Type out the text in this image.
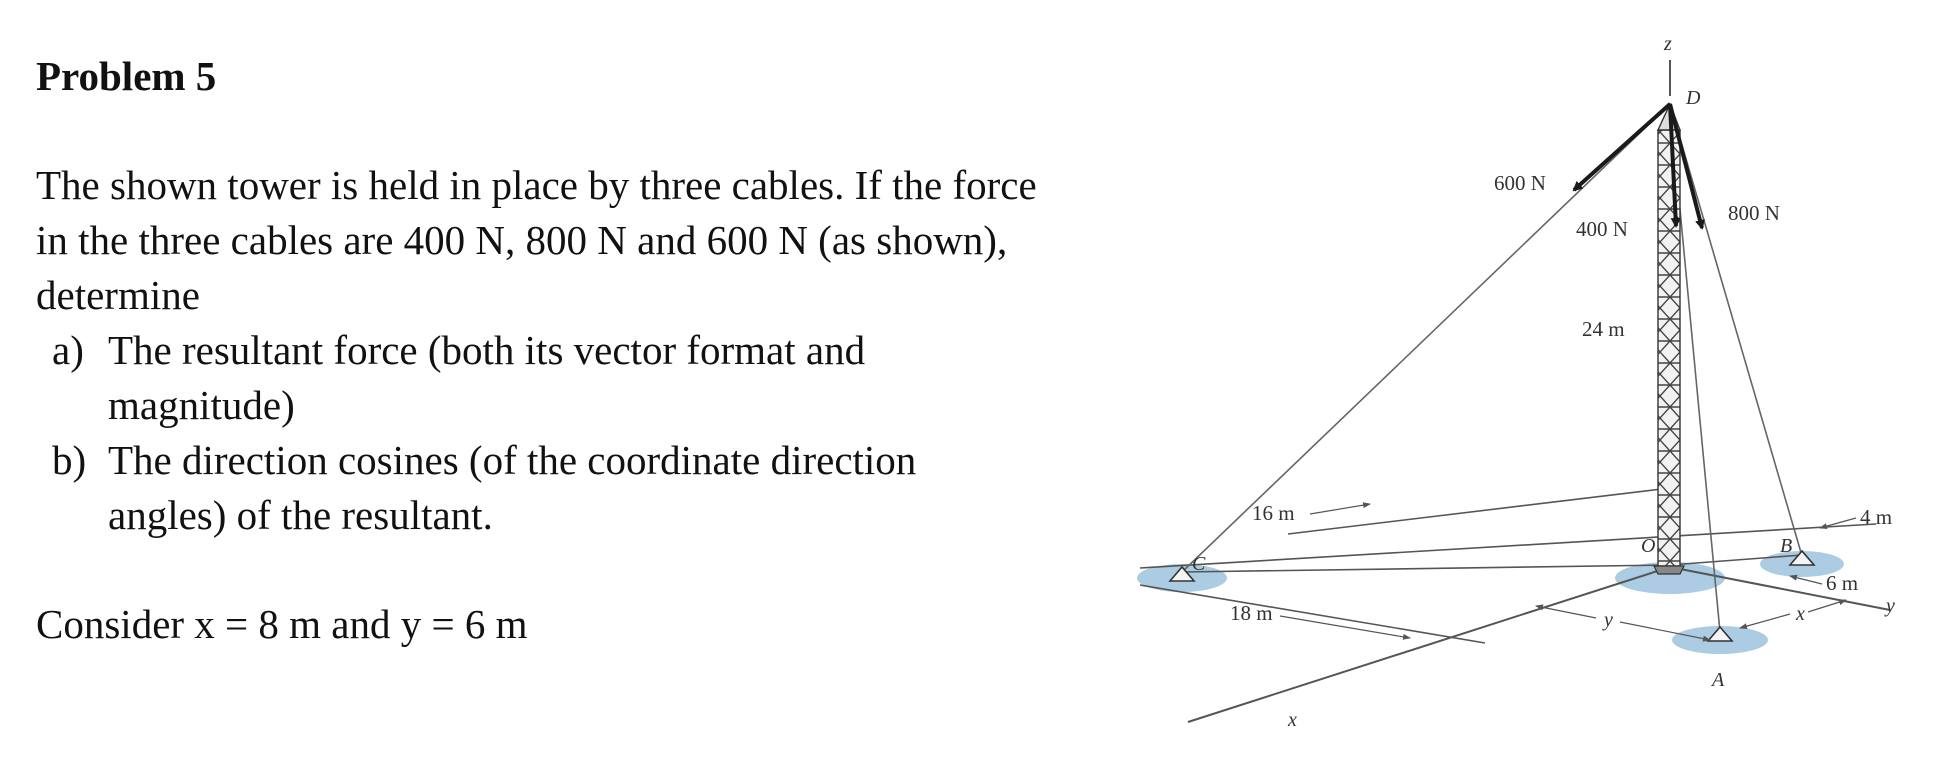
Problem 5

The shown tower is held in place by three cables. If the force in the three cables are 400 N, 800 N and 600 N (as shown), determine

a) The resultant force (both its vector format and magnitude)
b) The direction cosines (of the coordinate direction angles) of the resultant.

Consider x = 8 m and y = 6 m

x
y
z
600 N
400 N
800 N
D
O
A
B
C
24 m
16 m
18 m
4 m
6 m
y	x
